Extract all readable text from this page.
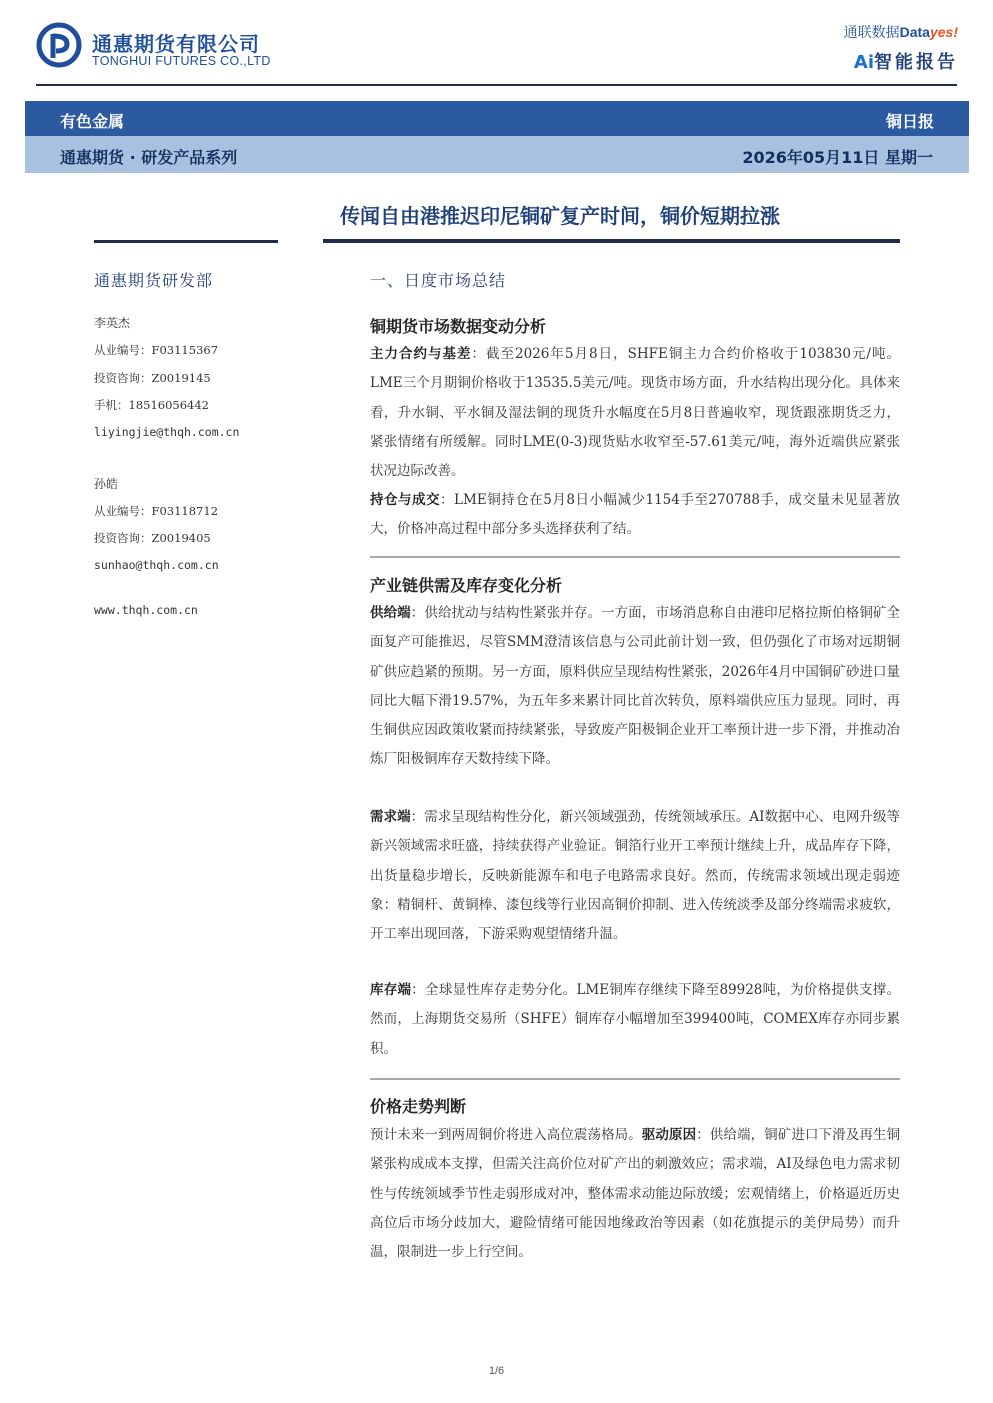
通惠期货有限公司
TONGHUI FUTURES CO.,LTD
通联数据Datayes!
Ai智能报告
有色金属	铜日报
通惠期货 · 研发产品系列	2026年05月11日 星期一
传闻自由港推迟印尼铜矿复产时间，铜价短期拉涨
通惠期货研发部
李英杰
从业编号：F03115367
投资咨询：Z0019145
手机：18516056442
liyingjie@thqh.com.cn
孙皓
从业编号：F03118712
投资咨询：Z0019405
sunhao@thqh.com.cn
www.thqh.com.cn
一、日度市场总结
铜期货市场数据变动分析
主力合约与基差：截至2026年5月8日，SHFE铜主力合约价格收于103830元/吨。LME三个月期铜价格收于13535.5美元/吨。现货市场方面，升水结构出现分化。具体来看，升水铜、平水铜及湿法铜的现货升水幅度在5月8日普遍收窄，现货跟涨期货乏力，紧张情绪有所缓解。同时LME(0-3)现货贴水收窄至-57.61美元/吨，海外近端供应紧张状况边际改善。
持仓与成交：LME铜持仓在5月8日小幅减少1154手至270788手，成交量未见显著放大，价格冲高过程中部分多头选择获利了结。
产业链供需及库存变化分析
供给端：供给扰动与结构性紧张并存。一方面，市场消息称自由港印尼格拉斯伯格铜矿全面复产可能推迟，尽管SMM澄清该信息与公司此前计划一致，但仍强化了市场对远期铜矿供应趋紧的预期。另一方面，原料供应呈现结构性紧张，2026年4月中国铜矿砂进口量同比大幅下滑19.57%，为五年多来累计同比首次转负，原料端供应压力显现。同时，再生铜供应因政策收紧而持续紧张，导致废产阳极铜企业开工率预计进一步下滑，并推动冶炼厂阳极铜库存天数持续下降。
需求端：需求呈现结构性分化，新兴领域强劲，传统领域承压。AI数据中心、电网升级等新兴领域需求旺盛，持续获得产业验证。铜箔行业开工率预计继续上升，成品库存下降，出货量稳步增长，反映新能源车和电子电路需求良好。然而，传统需求领域出现走弱迹象：精铜杆、黄铜棒、漆包线等行业因高铜价抑制、进入传统淡季及部分终端需求疲软，开工率出现回落，下游采购观望情绪升温。
库存端：全球显性库存走势分化。LME铜库存继续下降至89928吨，为价格提供支撑。然而，上海期货交易所（SHFE）铜库存小幅增加至399400吨，COMEX库存亦同步累积。
价格走势判断
预计未来一到两周铜价将进入高位震荡格局。驱动原因：供给端，铜矿进口下滑及再生铜紧张构成成本支撑，但需关注高价位对矿产出的刺激效应；需求端，AI及绿色电力需求韧性与传统领域季节性走弱形成对冲，整体需求动能边际放缓；宏观情绪上，价格逼近历史高位后市场分歧加大，避险情绪可能因地缘政治等因素（如花旗提示的美伊局势）而升温，限制进一步上行空间。
1/6
